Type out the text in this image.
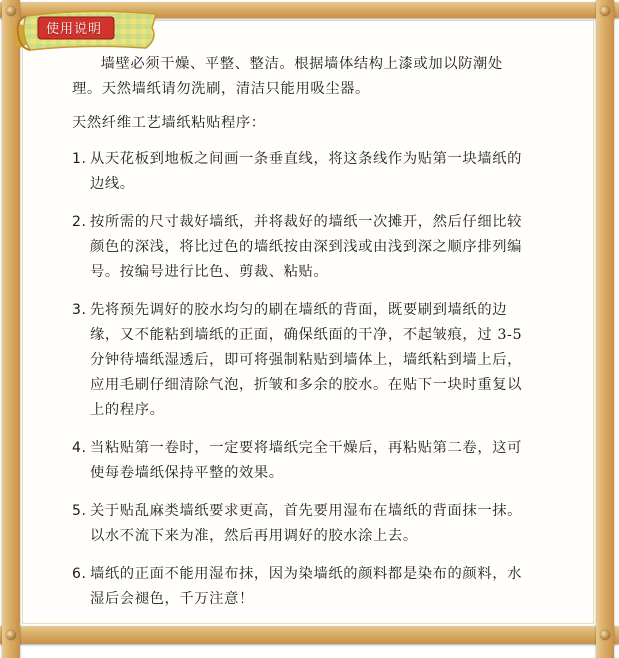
使用说明

墙壁必须干燥、平整、整洁。根据墙体结构上漆或加以防潮处理。天然墙纸请勿洗刷，清洁只能用吸尘器。

天然纤维工艺墙纸粘贴程序：

1. 从天花板到地板之间画一条垂直线，将这条线作为贴第一块墙纸的边线。
2. 按所需的尺寸裁好墙纸，并将裁好的墙纸一次摊开，然后仔细比较颜色的深浅，将比过色的墙纸按由深到浅或由浅到深之顺序排列编号。按编号进行比色、剪裁、粘贴。
3. 先将预先调好的胶水均匀的刷在墙纸的背面，既要刷到墙纸的边缘，又不能粘到墙纸的正面，确保纸面的干净，不起皱痕，过 3-5 分钟待墙纸湿透后，即可将强制粘贴到墙体上，墙纸粘到墙上后，应用毛刷仔细清除气泡，折皱和多余的胶水。在贴下一块时重复以上的程序。
4. 当粘贴第一卷时，一定要将墙纸完全干燥后，再粘贴第二卷，这可使每卷墙纸保持平整的效果。
5. 关于贴乱麻类墙纸要求更高，首先要用湿布在墙纸的背面抹一抹。以水不流下来为准，然后再用调好的胶水涂上去。
6. 墙纸的正面不能用湿布抹，因为染墙纸的颜料都是染布的颜料，水湿后会褪色，千万注意！
